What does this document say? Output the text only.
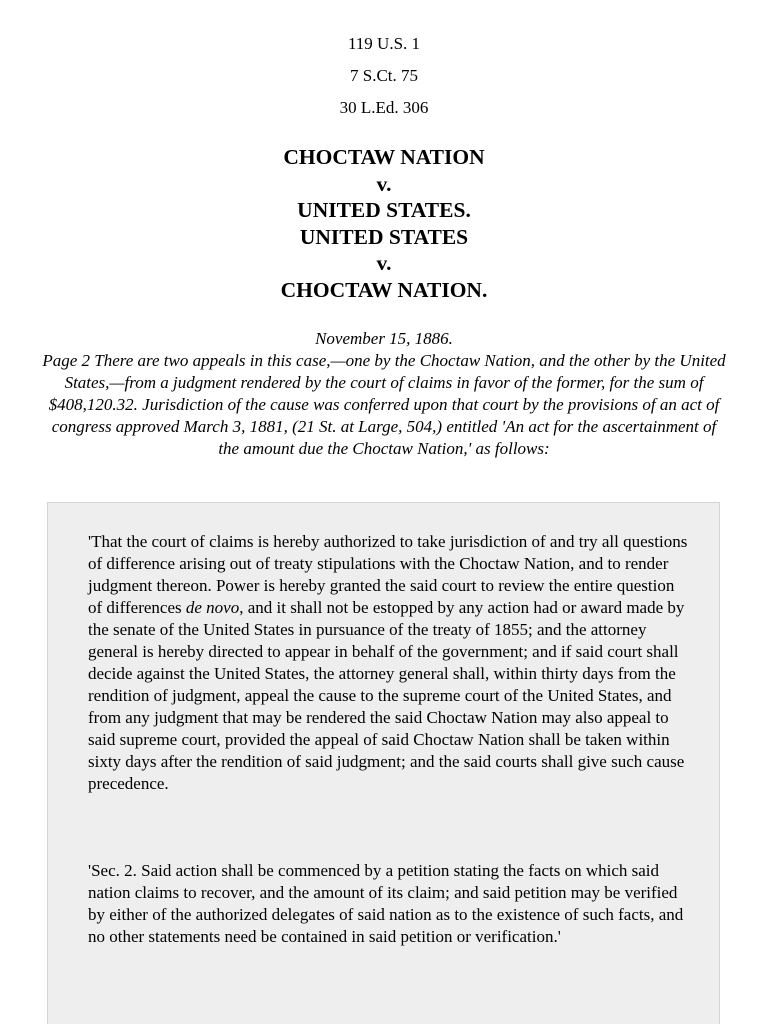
119 U.S. 1
7 S.Ct. 75
30 L.Ed. 306
CHOCTAW NATION
v.
UNITED STATES.
UNITED STATES
v.
CHOCTAW NATION.
November 15, 1886.
Page 2 There are two appeals in this case,—one by the Choctaw Nation, and the other by the United States,—from a judgment rendered by the court of claims in favor of the former, for the sum of $408,120.32. Jurisdiction of the cause was conferred upon that court by the provisions of an act of congress approved March 3, 1881, (21 St. at Large, 504,) entitled 'An act for the ascertainment of the amount due the Choctaw Nation,' as follows:
'That the court of claims is hereby authorized to take jurisdiction of and try all questions of difference arising out of treaty stipulations with the Choctaw Nation, and to render judgment thereon. Power is hereby granted the said court to review the entire question of differences de novo, and it shall not be estopped by any action had or award made by the senate of the United States in pursuance of the treaty of 1855; and the attorney general is hereby directed to appear in behalf of the government; and if said court shall decide against the United States, the attorney general shall, within thirty days from the rendition of judgment, appeal the cause to the supreme court of the United States, and from any judgment that may be rendered the said Choctaw Nation may also appeal to said supreme court, provided the appeal of said Choctaw Nation shall be taken within sixty days after the rendition of said judgment; and the said courts shall give such cause precedence.
'Sec. 2. Said action shall be commenced by a petition stating the facts on which said nation claims to recover, and the amount of its claim; and said petition may be verified by either of the authorized delegates of said nation as to the existence of such facts, and no other statements need be contained in said petition or verification.'
